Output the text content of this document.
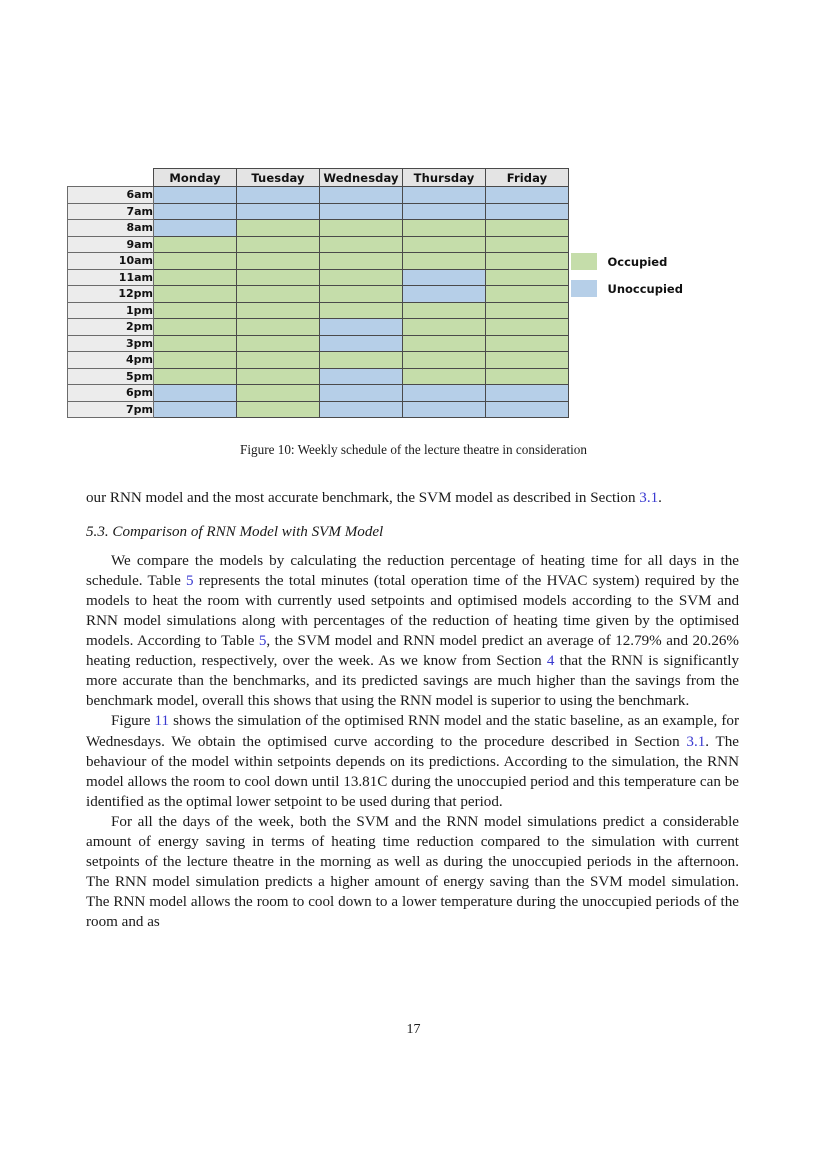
	Monday	Tuesday	Wednesday	Thursday	Friday
6am					
7am					
8am					
9am					
10am					
11am					
12pm					
1pm					
2pm					
3pm					
4pm					
5pm					
6pm					
7pm					
Occupied
Unoccupied
Figure 10: Weekly schedule of the lecture theatre in consideration

our RNN model and the most accurate benchmark, the SVM model as described in Section 3.1.

5.3. Comparison of RNN Model with SVM Model

We compare the models by calculating the reduction percentage of heating time for all days in the schedule. Table 5 represents the total minutes (total operation time of the HVAC system) required by the models to heat the room with currently used setpoints and optimised models according to the SVM and RNN model simulations along with percentages of the reduction of heating time given by the optimised models. According to Table 5, the SVM model and RNN model predict an average of 12.79% and 20.26% heating reduction, respectively, over the week. As we know from Section 4 that the RNN is significantly more accurate than the benchmarks, and its predicted savings are much higher than the savings from the benchmark model, overall this shows that using the RNN model is superior to using the benchmark.

Figure 11 shows the simulation of the optimised RNN model and the static baseline, as an example, for Wednesdays. We obtain the optimised curve according to the procedure described in Section 3.1. The behaviour of the model within setpoints depends on its predictions. According to the simulation, the RNN model allows the room to cool down until 13.81C during the unoccupied period and this temperature can be identified as the optimal lower setpoint to be used during that period.

For all the days of the week, both the SVM and the RNN model simulations predict a considerable amount of energy saving in terms of heating time reduction compared to the simulation with current setpoints of the lecture theatre in the morning as well as during the unoccupied periods in the afternoon. The RNN model simulation predicts a higher amount of energy saving than the SVM model simulation. The RNN model allows the room to cool down to a lower temperature during the unoccupied periods of the room and as

17
